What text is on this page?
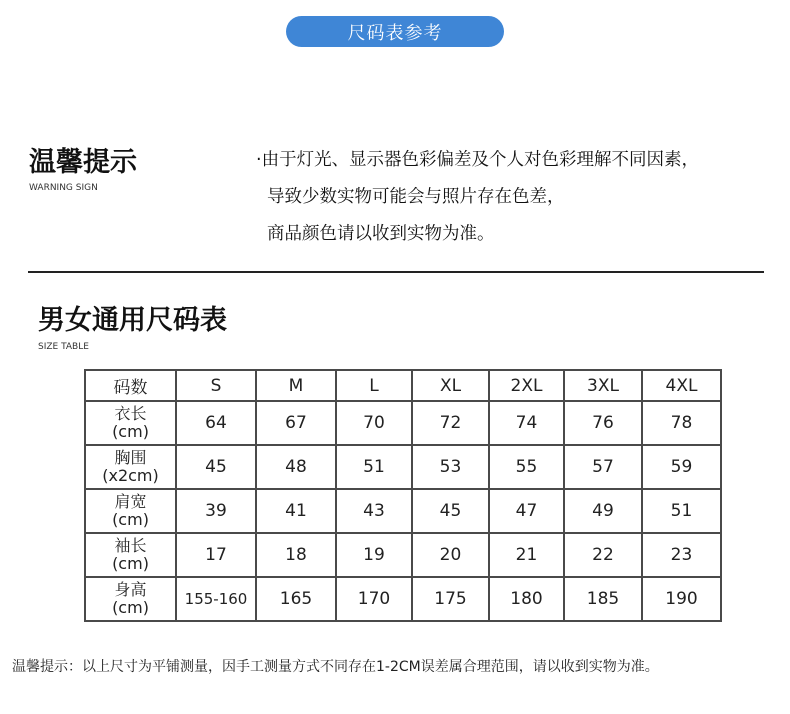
尺码表参考
温馨提示
WARNING SIGN
·由于灯光、显示器色彩偏差及个人对色彩理解不同因素，
导致少数实物可能会与照片存在色差，
商品颜色请以收到实物为准。
男女通用尺码表
SIZE TABLE
码数	S	M	L	XL	2XL	3XL	4XL

衣长
(cm)	64	67	70	72	74	76	78

胸围
(x2cm)	45	48	51	53	55	57	59

肩宽
(cm)	39	41	43	45	47	49	51

袖长
(cm)	17	18	19	20	21	22	23

身高
(cm)	155-160	165	170	175	180	185	190
温馨提示：以上尺寸为平铺测量，因手工测量方式不同存在1-2CM误差属合理范围，请以收到实物为准。
